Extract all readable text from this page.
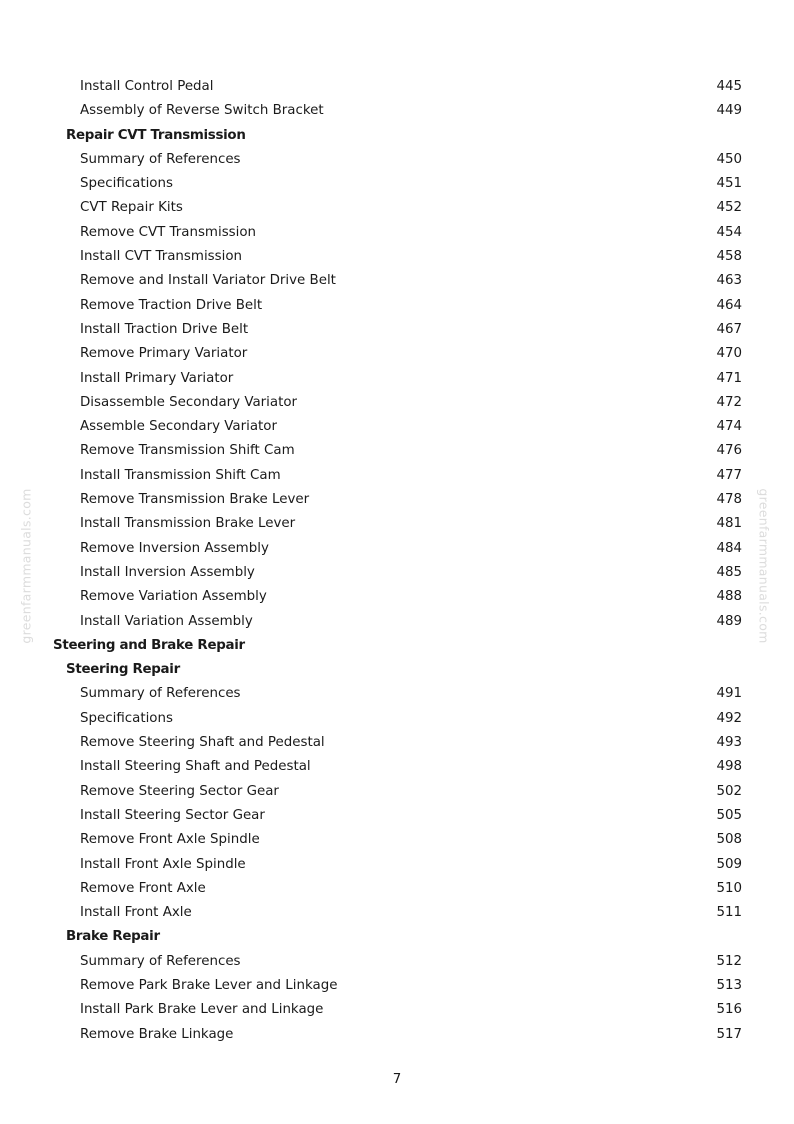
greenfarmmanuals.com	greenfarmmanuals.com
Install Control Pedal	445
Assembly of Reverse Switch Bracket	449
Repair CVT Transmission
Summary of References	450
Specifications	451
CVT Repair Kits	452
Remove CVT Transmission	454
Install CVT Transmission	458
Remove and Install Variator Drive Belt	463
Remove Traction Drive Belt	464
Install Traction Drive Belt	467
Remove Primary Variator	470
Install Primary Variator	471
Disassemble Secondary Variator	472
Assemble Secondary Variator	474
Remove Transmission Shift Cam	476
Install Transmission Shift Cam	477
Remove Transmission Brake Lever	478
Install Transmission Brake Lever	481
Remove Inversion Assembly	484
Install Inversion Assembly	485
Remove Variation Assembly	488
Install Variation Assembly	489
Steering and Brake Repair
Steering Repair
Summary of References	491
Specifications	492
Remove Steering Shaft and Pedestal	493
Install Steering Shaft and Pedestal	498
Remove Steering Sector Gear	502
Install Steering Sector Gear	505
Remove Front Axle Spindle	508
Install Front Axle Spindle	509
Remove Front Axle	510
Install Front Axle	511
Brake Repair
Summary of References	512
Remove Park Brake Lever and Linkage	513
Install Park Brake Lever and Linkage	516
Remove Brake Linkage	517
7
